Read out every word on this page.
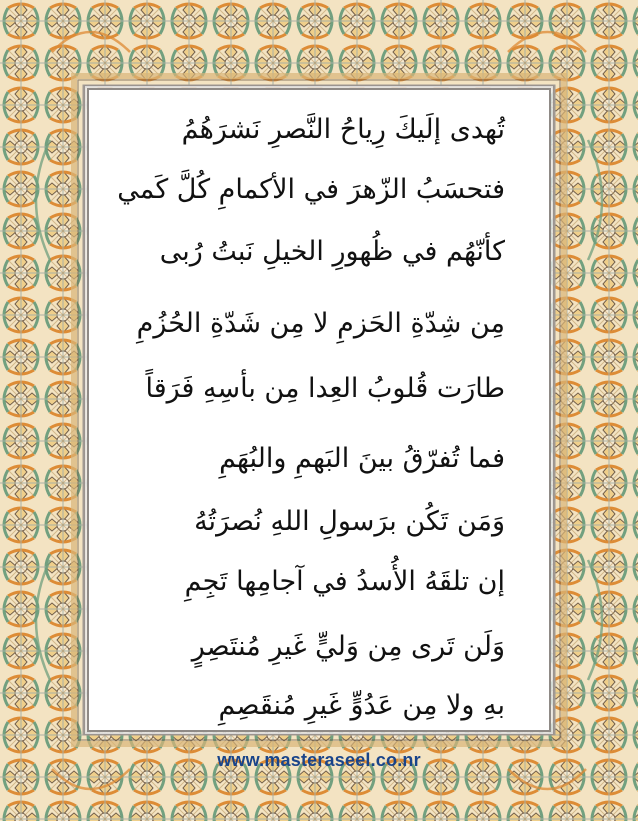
تُهدى إلَيكَ رِياحُ النَّصرِ نَشرَهُمُ

فتحسَبُ الزّهرَ في الأكمامِ كُلَّ كَمي

كأنّهُم في ظُهورِ الخيلِ نَبتُ رُبى

مِن شِدّةِ الحَزمِ لا مِن شَدّةِ الحُزُمِ

طارَت قُلوبُ العِدا مِن بأسِهِ فَرَقاً

فما تُفرّقُ بينَ البَهمِ والبُهَمِ

وَمَن تَكُن برَسولِ اللهِ نُصرَتُهُ

إن تلقَهُ الأُسدُ في آجامِها تَجِمِ

وَلَن تَرى مِن وَليٍّ غَيرِ مُنتَصِرٍ

بهِ ولا مِن عَدُوٍّ غَيرِ مُنقَصِمِ

www.masteraseel.co.nr
